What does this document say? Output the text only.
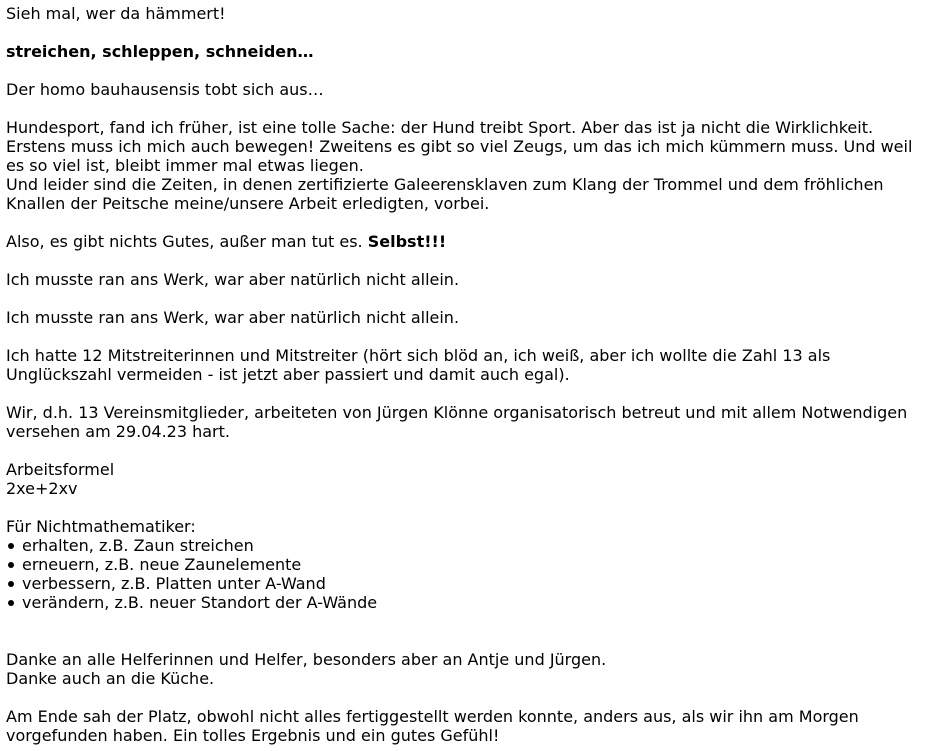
Sieh mal, wer da hämmert!

streichen, schleppen, schneiden…

Der homo bauhausensis tobt sich aus…

Hundesport, fand ich früher, ist eine tolle Sache: der Hund treibt Sport. Aber das ist ja nicht die Wirklichkeit. Erstens muss ich mich auch bewegen! Zweitens es gibt so viel Zeugs, um das ich mich kümmern muss. Und weil es so viel ist, bleibt immer mal etwas liegen.
Und leider sind die Zeiten, in denen zertifizierte Galeerensklaven zum Klang der Trommel und dem fröhlichen Knallen der Peitsche meine/unsere Arbeit erledigten, vorbei.

Also, es gibt nichts Gutes, außer man tut es. Selbst!!!

Ich musste ran ans Werk, war aber natürlich nicht allein.

Ich musste ran ans Werk, war aber natürlich nicht allein.

Ich hatte 12 Mitstreiterinnen und Mitstreiter (hört sich blöd an, ich weiß, aber ich wollte die Zahl 13 als Unglückszahl vermeiden - ist jetzt aber passiert und damit auch egal).

Wir, d.h. 13 Vereinsmitglieder, arbeiteten von Jürgen Klönne organisatorisch betreut und mit allem Notwendigen versehen am 29.04.23 hart.

Arbeitsformel
2xe+2xv

Für Nichtmathematiker:
erhalten, z.B. Zaun streichen
erneuern, z.B. neue Zaunelemente
verbessern, z.B. Platten unter A-Wand
verändern, z.B. neuer Standort der A-Wände

Danke an alle Helferinnen und Helfer, besonders aber an Antje und Jürgen.
Danke auch an die Küche.

Am Ende sah der Platz, obwohl nicht alles fertiggestellt werden konnte, anders aus, als wir ihn am Morgen vorgefunden haben. Ein tolles Ergebnis und ein gutes Gefühl!
